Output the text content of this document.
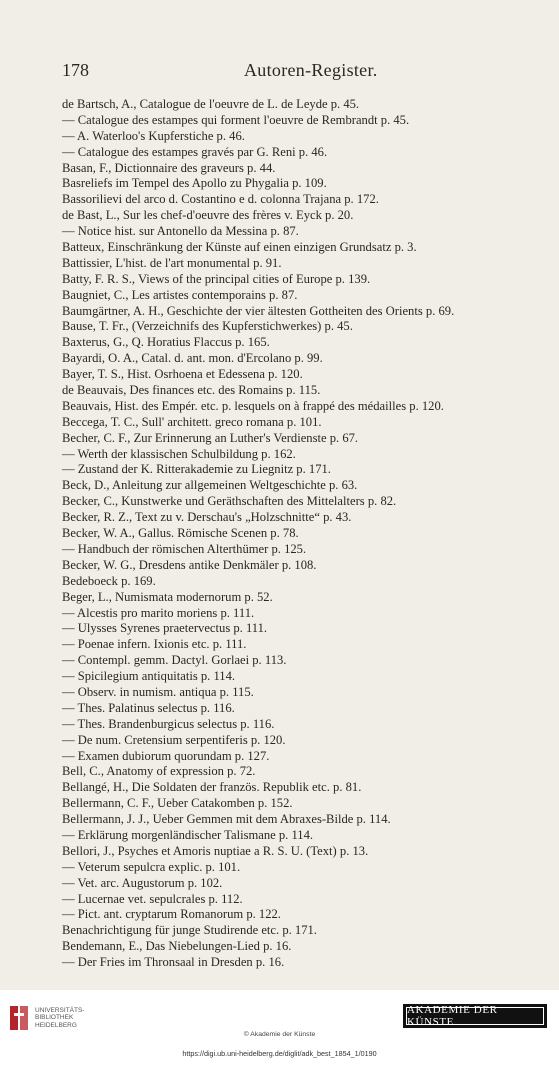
178	Autoren-Register.
de Bartsch, A., Catalogue de l'oeuvre de L. de Leyde p. 45.
— Catalogue des estampes qui forment l'oeuvre de Rembrandt p. 45.
— A. Waterloo's Kupferstiche p. 46.
— Catalogue des estampes gravés par G. Reni p. 46.
Basan, F., Dictionnaire des graveurs p. 44.
Basreliefs im Tempel des Apollo zu Phygalia p. 109.
Bassorilievi del arco d. Costantino e d. colonna Trajana p. 172.
de Bast, L., Sur les chef-d'oeuvre des frères v. Eyck p. 20.
— Notice hist. sur Antonello da Messina p. 87.
Batteux, Einschränkung der Künste auf einen einzigen Grundsatz p. 3.
Battissier, L'hist. de l'art monumental p. 91.
Batty, F. R. S., Views of the principal cities of Europe p. 139.
Baugniet, C., Les artistes contemporains p. 87.
Baumgärtner, A. H., Geschichte der vier ältesten Gottheiten des Orients p. 69.
Bause, T. Fr., (Verzeichnifs des Kupferstichwerkes) p. 45.
Baxterus, G., Q. Horatius Flaccus p. 165.
Bayardi, O. A., Catal. d. ant. mon. d'Ercolano p. 99.
Bayer, T. S., Hist. Osrhoena et Edessena p. 120.
de Beauvais, Des finances etc. des Romains p. 115.
Beauvais, Hist. des Empér. etc. p. lesquels on à frappé des médailles p. 120.
Beccega, T. C., Sull' architett. greco romana p. 101.
Becher, C. F., Zur Erinnerung an Luther's Verdienste p. 67.
— Werth der klassischen Schulbildung p. 162.
— Zustand der K. Ritterakademie zu Liegnitz p. 171.
Beck, D., Anleitung zur allgemeinen Weltgeschichte p. 63.
Becker, C., Kunstwerke und Geräthschaften des Mittelalters p. 82.
Becker, R. Z., Text zu v. Derschau's „Holzschnitte“ p. 43.
Becker, W. A., Gallus. Römische Scenen p. 78.
— Handbuch der römischen Alterthümer p. 125.
Becker, W. G., Dresdens antike Denkmäler p. 108.
Bedeboeck p. 169.
Beger, L., Numismata modernorum p. 52.
— Alcestis pro marito moriens p. 111.
— Ulysses Syrenes praetervectus p. 111.
— Poenae infern. Ixionis etc. p. 111.
— Contempl. gemm. Dactyl. Gorlaei p. 113.
— Spicilegium antiquitatis p. 114.
— Observ. in numism. antiqua p. 115.
— Thes. Palatinus selectus p. 116.
— Thes. Brandenburgicus selectus p. 116.
— De num. Cretensium serpentiferis p. 120.
— Examen dubiorum quorundam p. 127.
Bell, C., Anatomy of expression p. 72.
Bellangé, H., Die Soldaten der französ. Republik etc. p. 81.
Bellermann, C. F., Ueber Catakomben p. 152.
Bellermann, J. J., Ueber Gemmen mit dem Abraxes-Bilde p. 114.
— Erklärung morgenländischer Talismane p. 114.
Bellori, J., Psyches et Amoris nuptiae a R. S. U. (Text) p. 13.
— Veterum sepulcra explic. p. 101.
— Vet. arc. Augustorum p. 102.
— Lucernae vet. sepulcrales p. 112.
— Pict. ant. cryptarum Romanorum p. 122.
Benachrichtigung für junge Studirende etc. p. 171.
Bendemann, E., Das Niebelungen-Lied p. 16.
— Der Fries im Thronsaal in Dresden p. 16.
UNIVERSITÄTS-
BIBLIOTHEK
HEIDELBERG
AKADEMIE DER KÜNSTE
© Akademie der Künste
https://digi.ub.uni-heidelberg.de/diglit/adk_best_1854_1/0190
